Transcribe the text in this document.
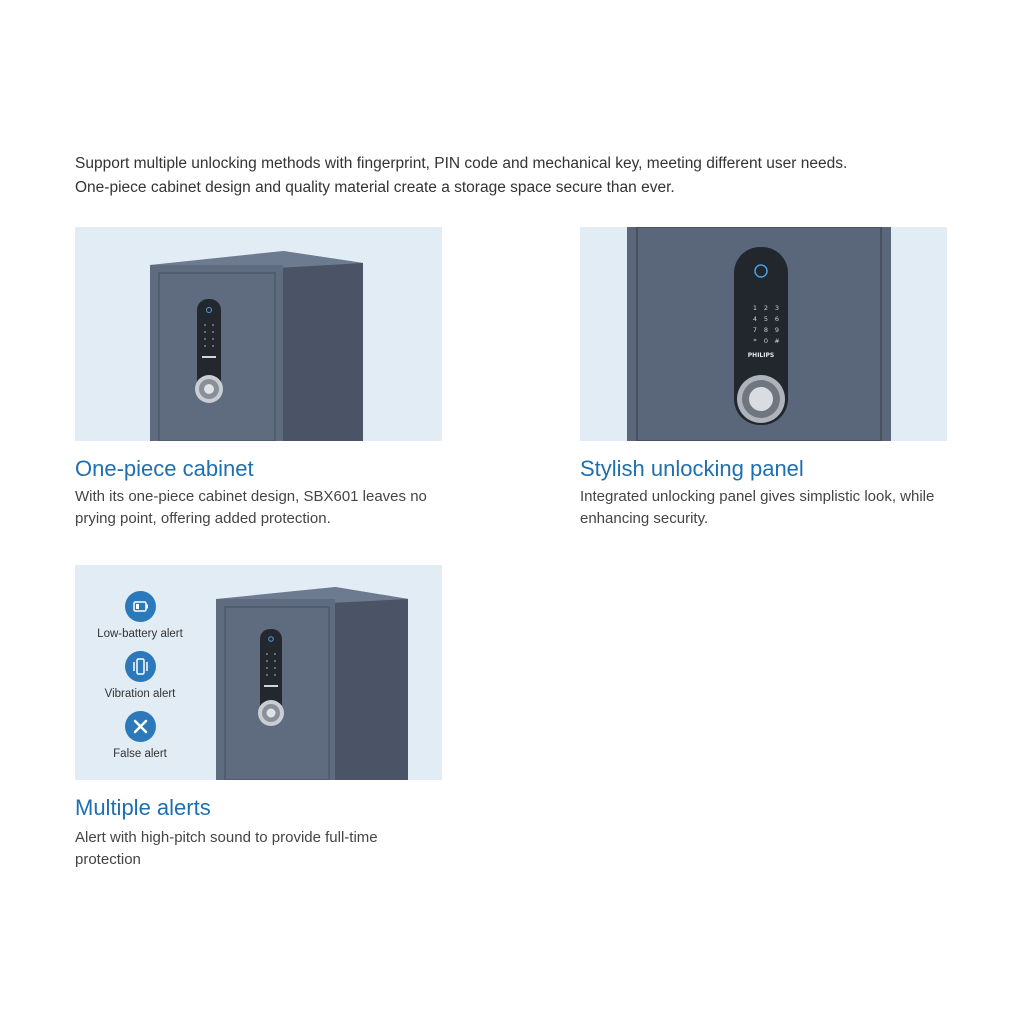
Support multiple unlocking methods with fingerprint, PIN code and mechanical key, meeting different user needs.

One-piece cabinet design and quality material create a storage space secure than ever.

One-piece cabinet

With its one-piece cabinet design, SBX601 leaves no prying point, offering added protection.

1 2 3
4 5 6
7 8 9
* 0 #
PHILIPS
Stylish unlocking panel

Integrated unlocking panel gives simplistic look, while enhancing security.

Low-battery alert
Vibration alert
False alert
Multiple alerts

Alert with high-pitch sound to provide full-time protection
